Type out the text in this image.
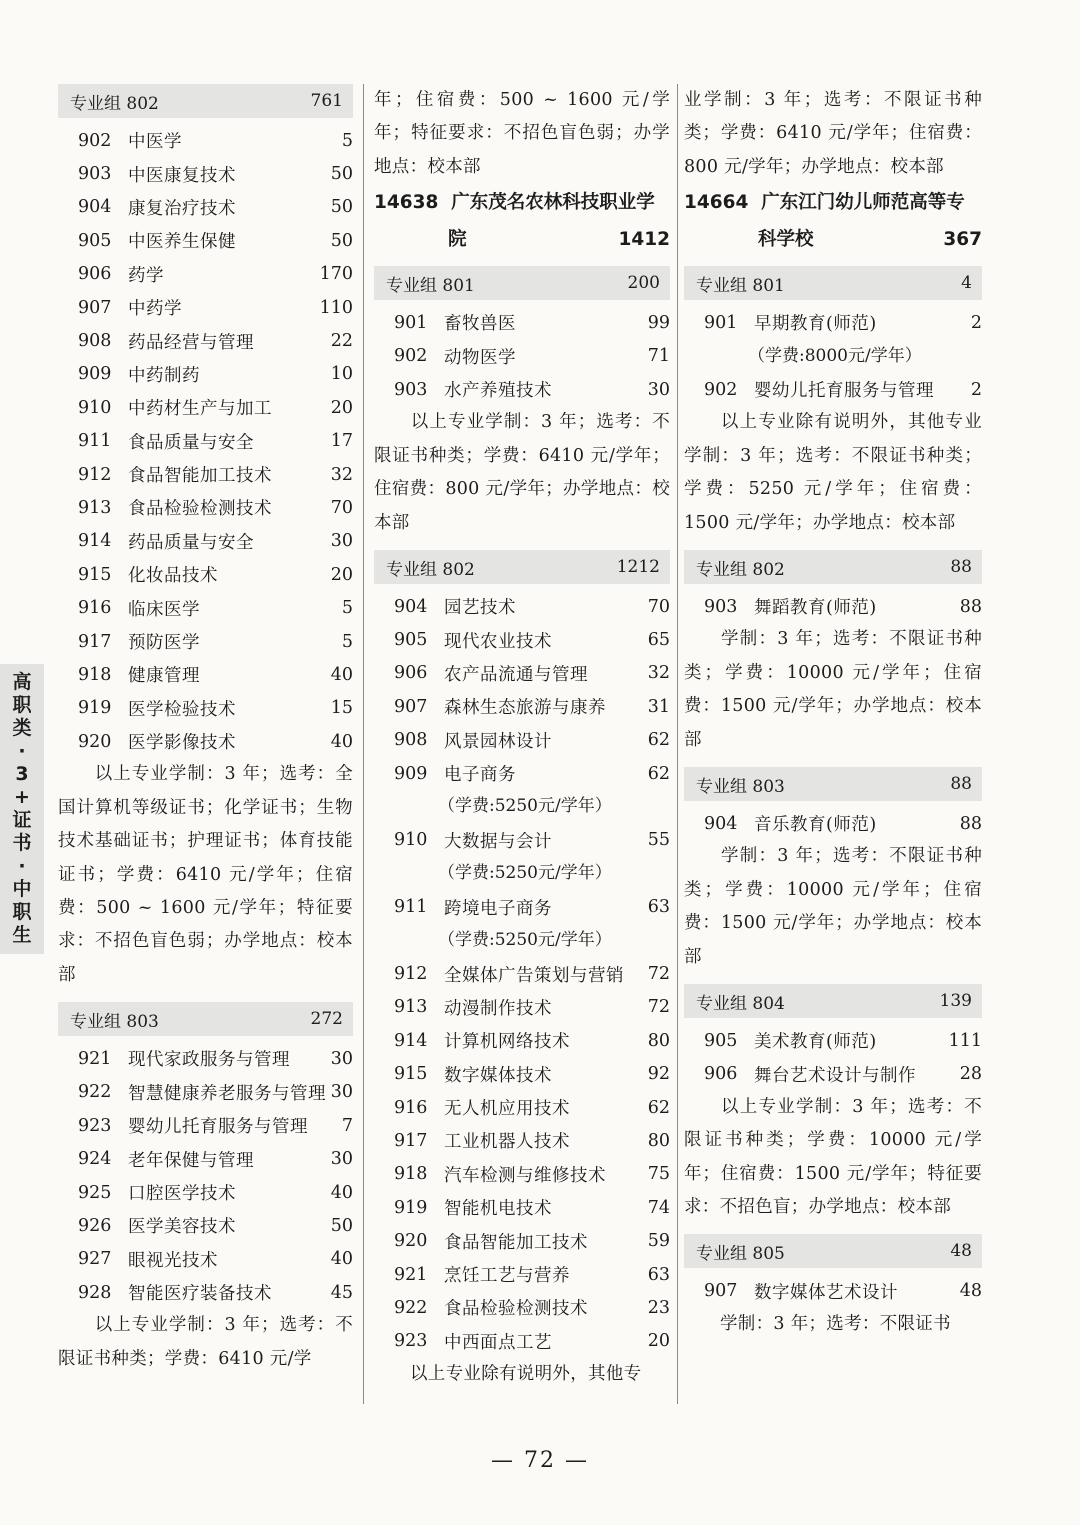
专业组 802	761
902 中医学	5
903 中医康复技术	50
904 康复治疗技术	50
905 中医养生保健	50
906 药学	170
907 中药学	110
908 药品经营与管理	22
909 中药制药	10
910 中药材生产与加工	20
911 食品质量与安全	17
912 食品智能加工技术	32
913 食品检验检测技术	70
914 药品质量与安全	30
915 化妆品技术	20
916 临床医学	5
917 预防医学	5
918 健康管理	40
919 医学检验技术	15
920 医学影像技术	40
以上专业学制：3 年；选考：全国计算机等级证书；化学证书；生物技术基础证书；护理证书；体育技能证书；学费：6410 元/学年；住宿费：500 ~ 1600 元/学年；特征要求：不招色盲色弱；办学地点：校本部
专业组 803	272
921 现代家政服务与管理	30
922 智慧健康养老服务与管理 30
923 婴幼儿托育服务与管理	7
924 老年保健与管理	30
925 口腔医学技术	40
926 医学美容技术	50
927 眼视光技术	40
928 智能医疗装备技术	45
以上专业学制：3 年；选考：不限证书种类；学费：6410 元/学
年；住宿费：500 ~ 1600 元/学年；特征要求：不招色盲色弱；办学地点：校本部
14638 广东茂名农林科技职业学
院	1412
专业组 801	200
901 畜牧兽医	99
902 动物医学	71
903 水产养殖技术	30
以上专业学制：3 年；选考：不限证书种类；学费：6410 元/学年；住宿费：800 元/学年；办学地点：校本部
专业组 802	1212
904 园艺技术	70
905 现代农业技术	65
906 农产品流通与管理	32
907 森林生态旅游与康养	31
908 风景园林设计	62
909 电子商务	62
（学费:5250元/学年）
910 大数据与会计	55
（学费:5250元/学年）
911 跨境电子商务	63
（学费:5250元/学年）
912 全媒体广告策划与营销	72
913 动漫制作技术	72
914 计算机网络技术	80
915 数字媒体技术	92
916 无人机应用技术	62
917 工业机器人技术	80
918 汽车检测与维修技术	75
919 智能机电技术	74
920 食品智能加工技术	59
921 烹饪工艺与营养	63
922 食品检验检测技术	23
923 中西面点工艺	20
以上专业除有说明外，其他专
业学制：3 年；选考：不限证书种类；学费：6410 元/学年；住宿费：800 元/学年；办学地点：校本部
14664 广东江门幼儿师范高等专
科学校	367
专业组 801	4
901 早期教育(师范)	2
（学费:8000元/学年）
902 婴幼儿托育服务与管理	2
以上专业除有说明外，其他专业学制：3 年；选考：不限证书种类；学费：5250 元/学年；住宿费：1500 元/学年；办学地点：校本部
专业组 802	88
903 舞蹈教育(师范)	88
学制：3 年；选考：不限证书种类；学费：10000 元/学年；住宿费：1500 元/学年；办学地点：校本部
专业组 803	88
904 音乐教育(师范)	88
学制：3 年；选考：不限证书种类；学费：10000 元/学年；住宿费：1500 元/学年；办学地点：校本部
专业组 804	139
905 美术教育(师范)	111
906 舞台艺术设计与制作	28
以上专业学制：3 年；选考：不限证书种类；学费：10000 元/学年；住宿费：1500 元/学年；特征要求：不招色盲；办学地点：校本部
专业组 805	48
907 数字媒体艺术设计	48
学制：3 年；选考：不限证书
高
职
类
·
3
+
证
书
·
中
职
生
— 72 —
